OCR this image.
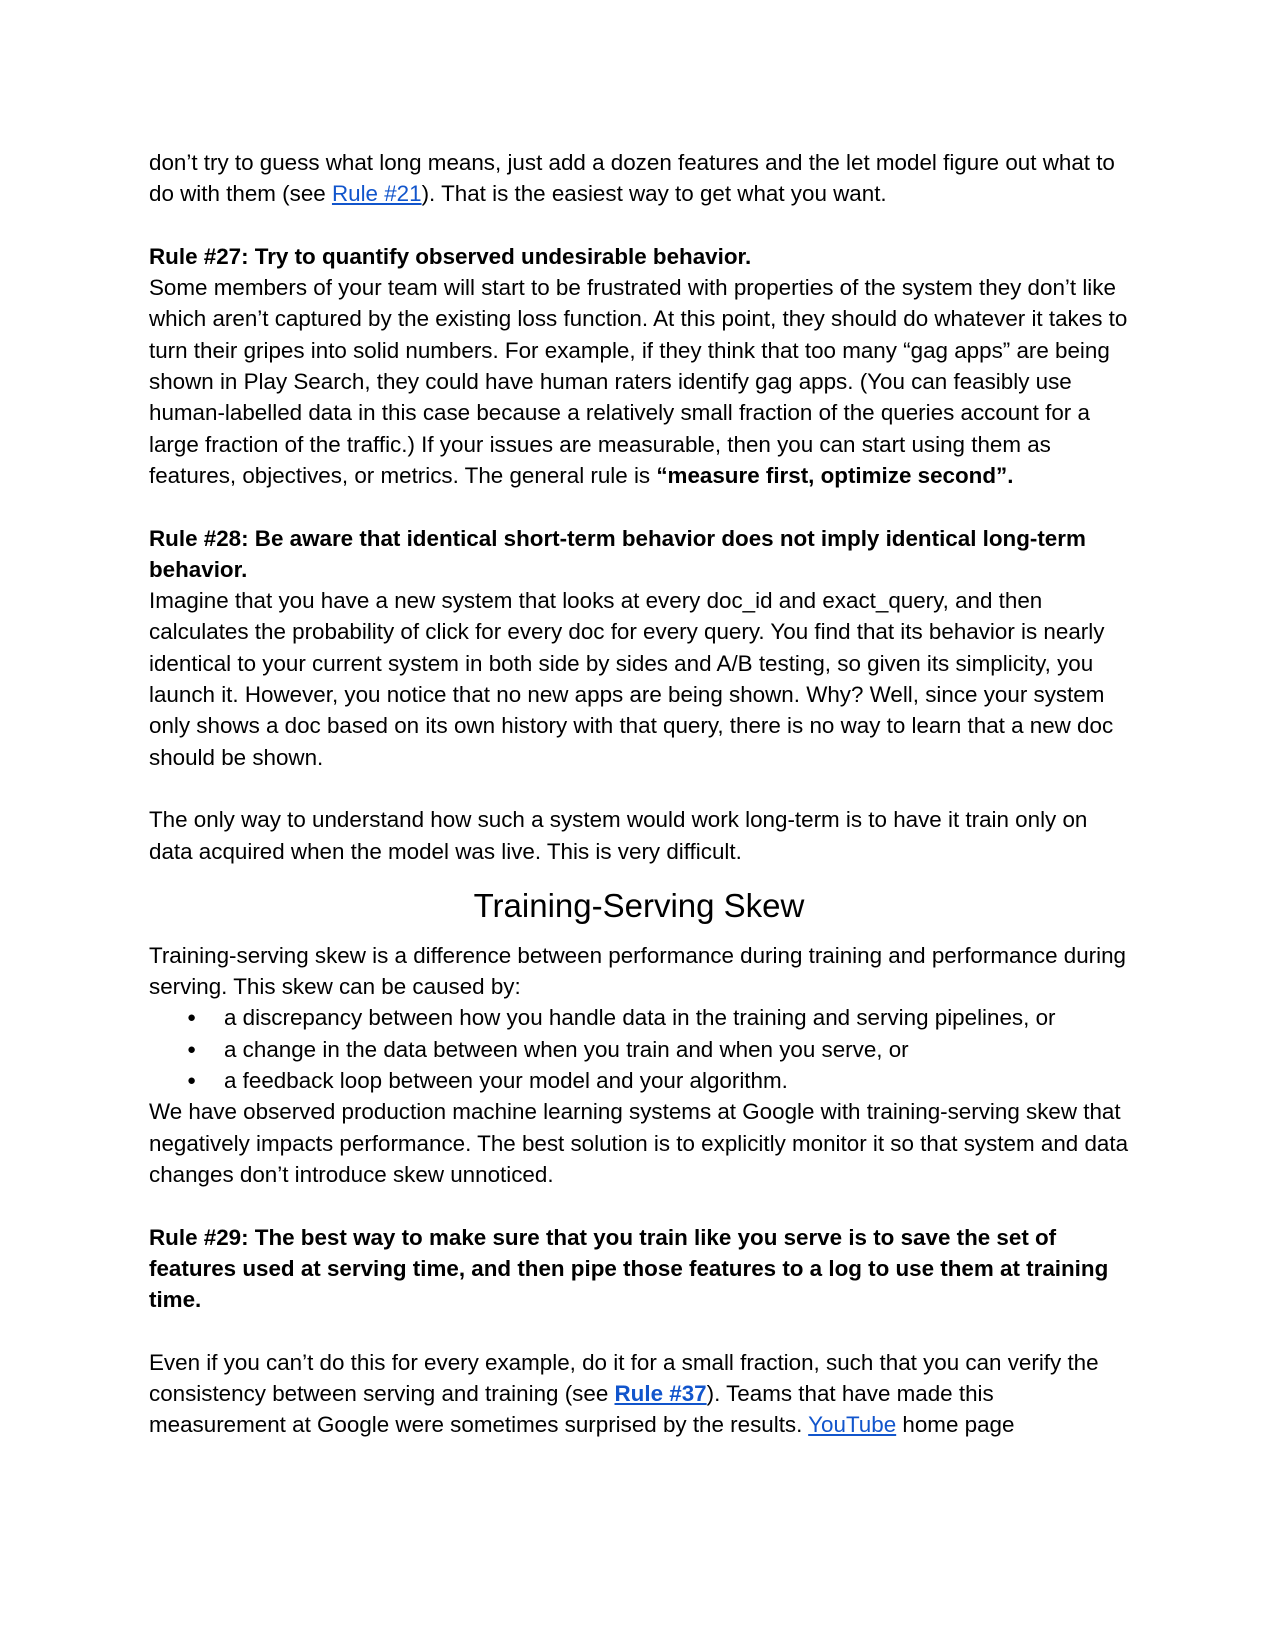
don’t try to guess what long means, just add a dozen features and the let model figure out what to do with them (see Rule #21). That is the easiest way to get what you want.

Rule #27: Try to quantify observed undesirable behavior.

Some members of your team will start to be frustrated with properties of the system they don’t like which aren’t captured by the existing loss function. At this point, they should do whatever it takes to turn their gripes into solid numbers. For example, if they think that too many “gag apps” are being shown in Play Search, they could have human raters identify gag apps. (You can feasibly use human-labelled data in this case because a relatively small fraction of the queries account for a large fraction of the traffic.) If your issues are measurable, then you can start using them as features, objectives, or metrics. The general rule is “measure first, optimize second”.

Rule #28: Be aware that identical short-term behavior does not imply identical long-term behavior.

Imagine that you have a new system that looks at every doc_id and exact_query, and then calculates the probability of click for every doc for every query. You find that its behavior is nearly identical to your current system in both side by sides and A/B testing, so given its simplicity, you launch it. However, you notice that no new apps are being shown. Why? Well, since your system only shows a doc based on its own history with that query, there is no way to learn that a new doc should be shown.

The only way to understand how such a system would work long-term is to have it train only on data acquired when the model was live. This is very difficult.

Training-Serving Skew

Training-serving skew is a difference between performance during training and performance during serving. This skew can be caused by:

● a discrepancy between how you handle data in the training and serving pipelines, or
● a change in the data between when you train and when you serve, or
● a feedback loop between your model and your algorithm.

We have observed production machine learning systems at Google with training-serving skew that negatively impacts performance. The best solution is to explicitly monitor it so that system and data changes don’t introduce skew unnoticed.

Rule #29: The best way to make sure that you train like you serve is to save the set of features used at serving time, and then pipe those features to a log to use them at training time.

Even if you can’t do this for every example, do it for a small fraction, such that you can verify the consistency between serving and training (see Rule #37). Teams that have made this measurement at Google were sometimes surprised by the results. YouTube home page
